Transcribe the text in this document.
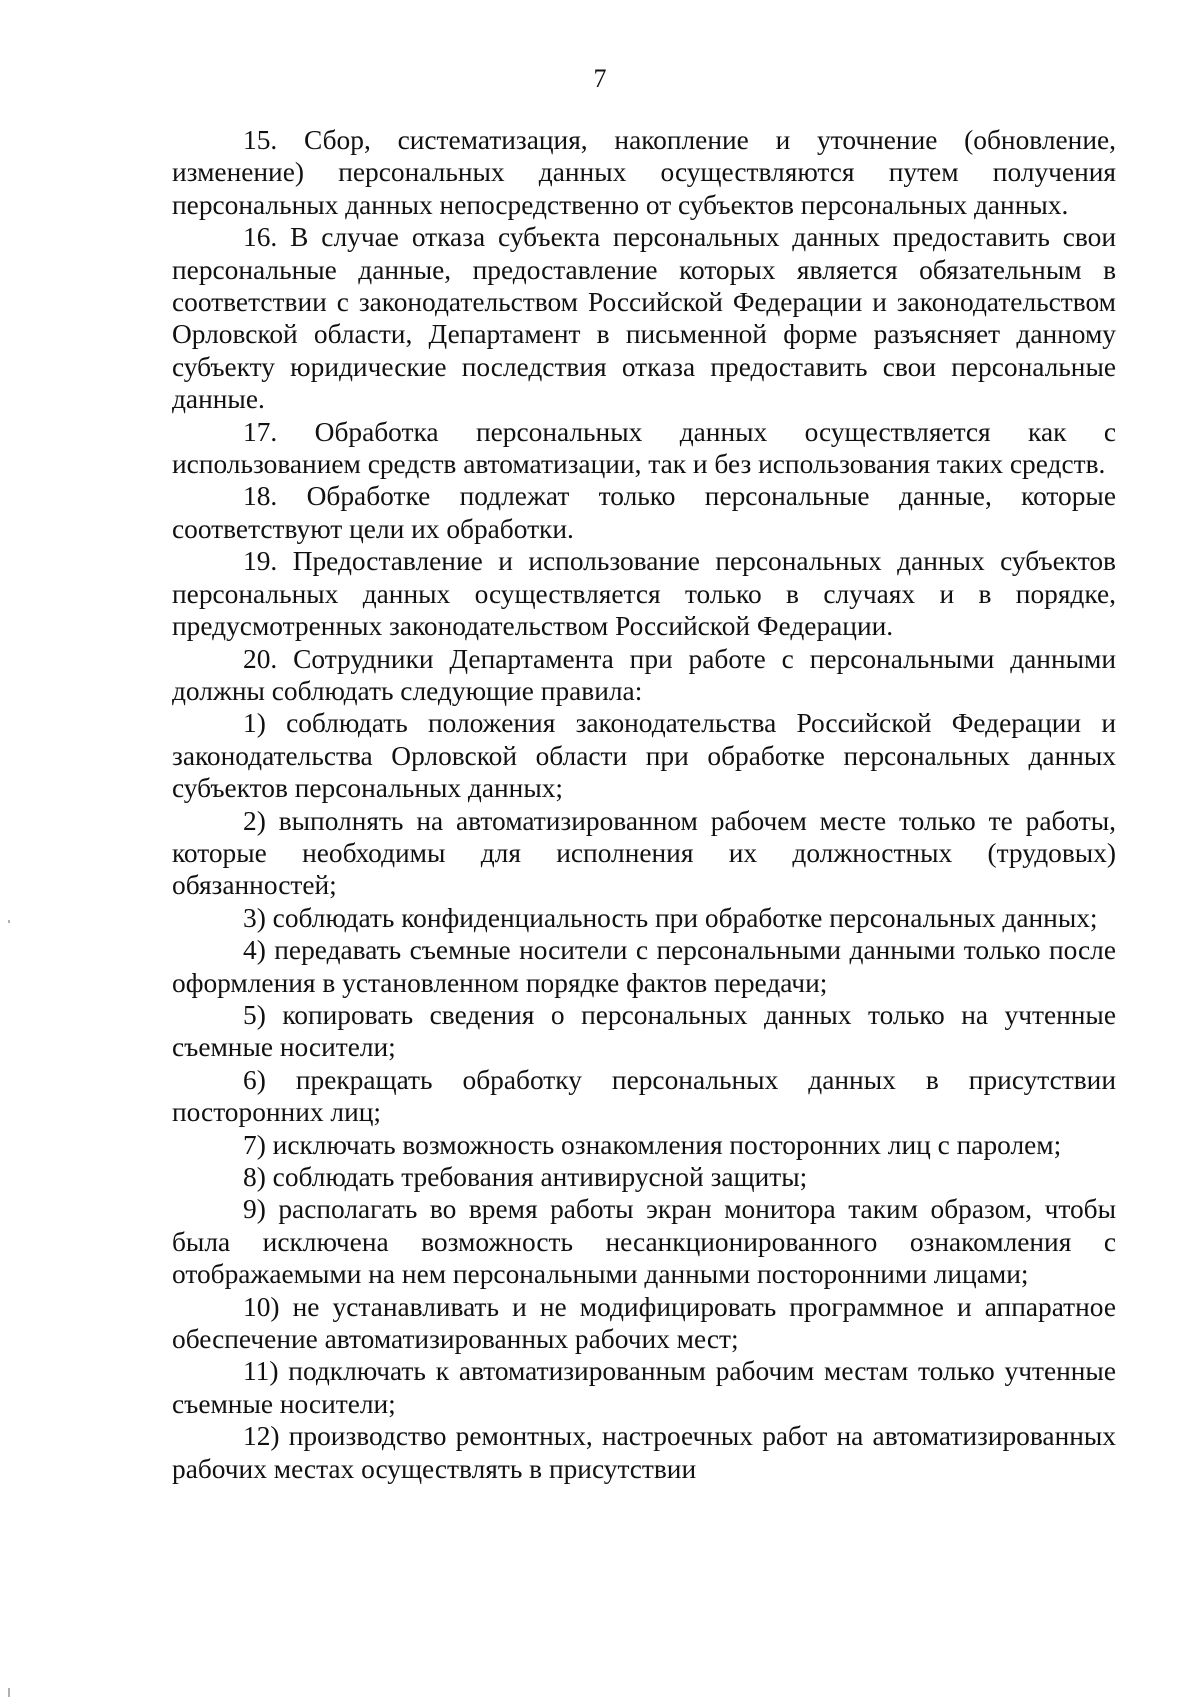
7

15. Сбор, систематизация, накопление и уточнение (обновление, изменение) персональных данных осуществляются путем получения персональных данных непосредственно от субъектов персональных данных.

16. В случае отказа субъекта персональных данных предоставить свои персональные данные, предоставление которых является обязательным в соответствии с законодательством Российской Федерации и законодательством Орловской области, Департамент в письменной форме разъясняет данному субъекту юридические последствия отказа предоставить свои персональные данные.

17. Обработка персональных данных осуществляется как с использованием средств автоматизации, так и без использования таких средств.

18. Обработке подлежат только персональные данные, которые соответствуют цели их обработки.

19. Предоставление и использование персональных данных субъектов персональных данных осуществляется только в случаях и в порядке, предусмотренных законодательством Российской Федерации.

20. Сотрудники Департамента при работе с персональными данными должны соблюдать следующие правила:

1) соблюдать положения законодательства Российской Федерации и законодательства Орловской области при обработке персональных данных субъектов персональных данных;

2) выполнять на автоматизированном рабочем месте только те работы, которые необходимы для исполнения их должностных (трудовых) обязанностей;

3) соблюдать конфиденциальность при обработке персональных данных;

4) передавать съемные носители с персональными данными только после оформления в установленном порядке фактов передачи;

5) копировать сведения о персональных данных только на учтенные съемные носители;

6) прекращать обработку персональных данных в присутствии посторонних лиц;

7) исключать возможность ознакомления посторонних лиц с паролем;

8) соблюдать требования антивирусной защиты;

9) располагать во время работы экран монитора таким образом, чтобы была исключена возможность несанкционированного ознакомления с отображаемыми на нем персональными данными посторонними лицами;

10) не устанавливать и не модифицировать программное и аппаратное обеспечение автоматизированных рабочих мест;

11) подключать к автоматизированным рабочим местам только учтенные съемные носители;

12) производство ремонтных, настроечных работ на автоматизированных рабочих местах осуществлять в присутствии
